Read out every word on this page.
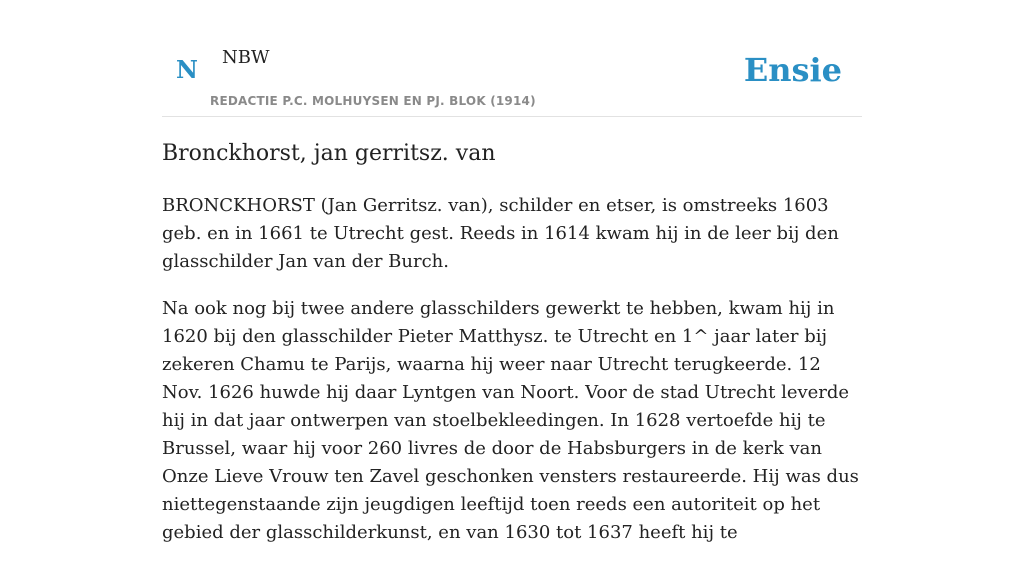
N NBW
REDACTIE P.C. MOLHUYSEN EN PJ. BLOK (1914)
Ensie
Bronckhorst, jan gerritsz. van

BRONCKHORST (Jan Gerritsz. van), schilder en etser, is omstreeks 1603 geb. en in 1661 te Utrecht gest. Reeds in 1614 kwam hij in de leer bij den glasschilder Jan van der Burch.

Na ook nog bij twee andere glasschilders gewerkt te hebben, kwam hij in 1620 bij den glasschilder Pieter Matthysz. te Utrecht en 1^ jaar later bij zekeren Chamu te Parijs, waarna hij weer naar Utrecht terugkeerde. 12 Nov. 1626 huwde hij daar Lyntgen van Noort. Voor de stad Utrecht leverde hij in dat jaar ontwerpen van stoelbekleedingen. In 1628 vertoefde hij te Brussel, waar hij voor 260 livres de door de Habsburgers in de kerk van Onze Lieve Vrouw ten Zavel geschonken vensters restaureerde. Hij was dus niettegenstaande zijn jeugdigen leeftijd toen reeds een autoriteit op het gebied der glasschilderkunst, en van 1630 tot 1637 heeft hij te
